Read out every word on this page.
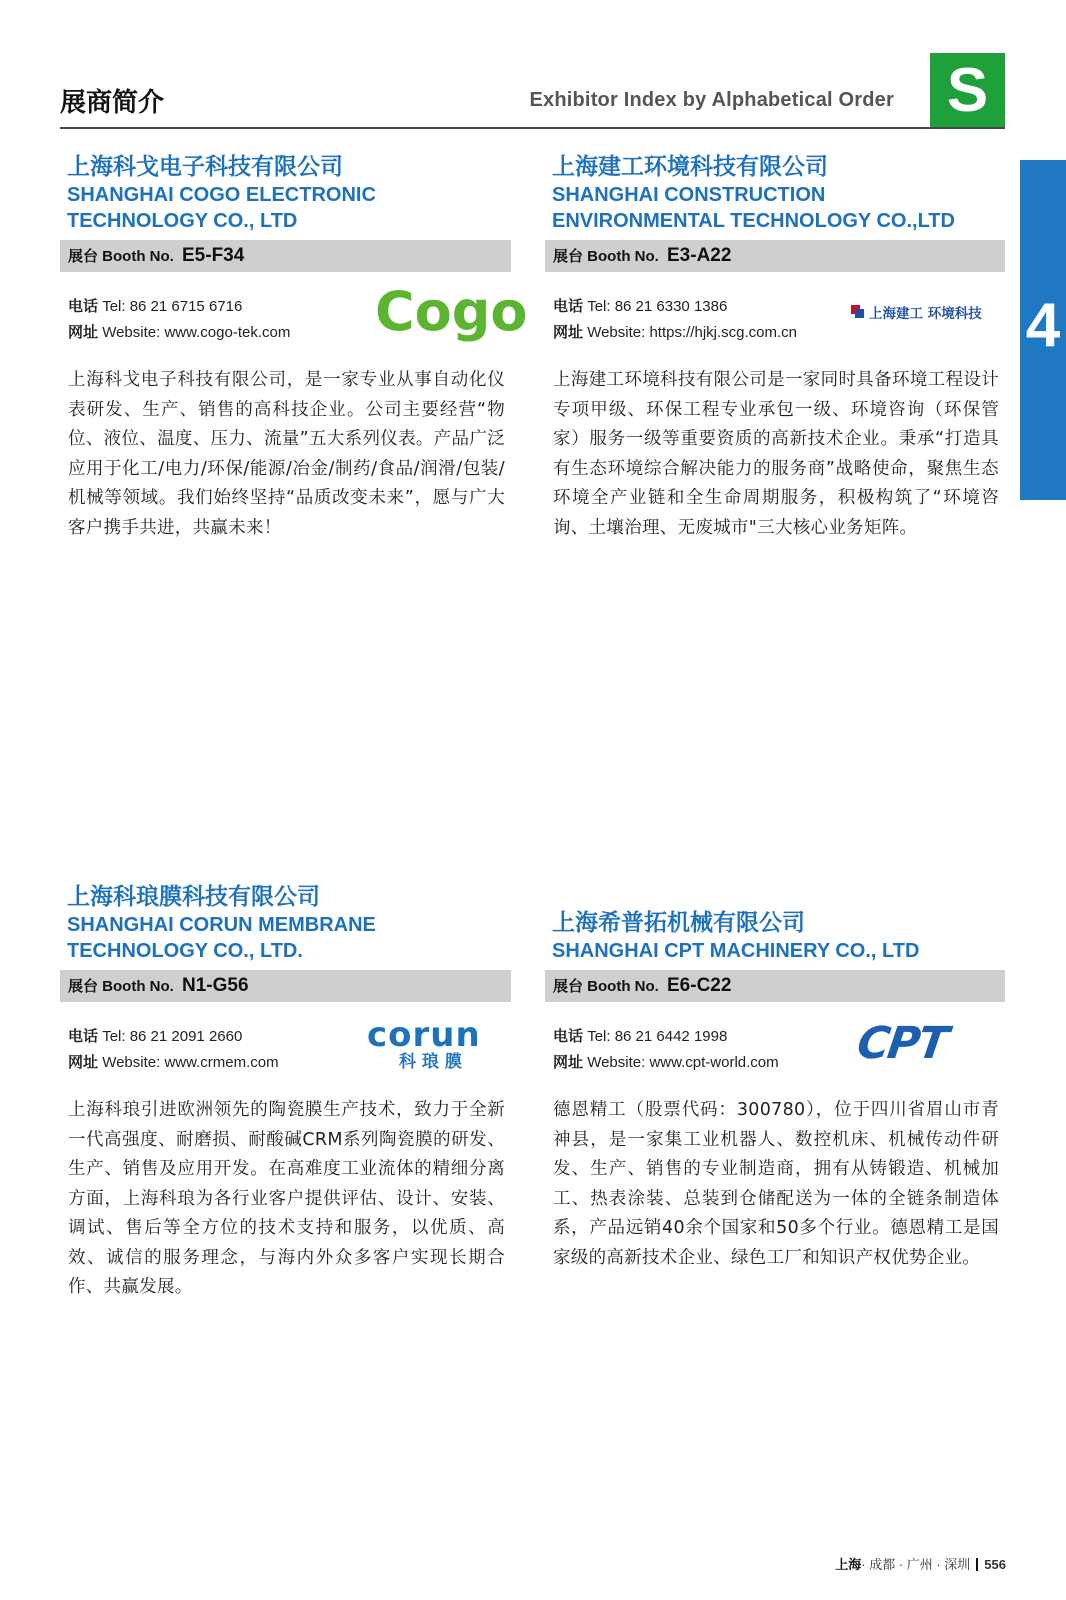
展商简介	Exhibitor Index by Alphabetical Order S
4
上海科戈电子科技有限公司
SHANGHAI COGO ELECTRONIC
TECHNOLOGY CO., LTD
展台 Booth No. E5-F34
电话 Tel: 86 21 6715 6716
网址 Website: www.cogo-tek.com	Cogo
上海科戈电子科技有限公司，是一家专业从事自动化仪表研发、生产、销售的高科技企业。公司主要经营“物位、液位、温度、压力、流量”五大系列仪表。产品广泛应用于化工/电力/环保/能源/冶金/制药/食品/润滑/包装/机械等领域。我们始终坚持“品质改变未来”，愿与广大客户携手共进，共赢未来！
上海建工环境科技有限公司
SHANGHAI CONSTRUCTION
ENVIRONMENTAL TECHNOLOGY CO.,LTD
展台 Booth No. E3-A22
电话 Tel: 86 21 6330 1386
网址 Website: https://hjkj.scg.com.cn
上海建工 环境科技
上海建工环境科技有限公司是一家同时具备环境工程设计专项甲级、环保工程专业承包一级、环境咨询（环保管家）服务一级等重要资质的高新技术企业。秉承“打造具有生态环境综合解决能力的服务商”战略使命，聚焦生态环境全产业链和全生命周期服务，积极构筑了“环境咨询、土壤治理、无废城市"三大核心业务矩阵。
上海科琅膜科技有限公司
SHANGHAI CORUN MEMBRANE
TECHNOLOGY CO., LTD.
展台 Booth No. N1-G56
电话 Tel: 86 21 2091 2660
网址 Website: www.crmem.com
corun
科 琅 膜
上海科琅引进欧洲领先的陶瓷膜生产技术，致力于全新一代高强度、耐磨损、耐酸碱CRM系列陶瓷膜的研发、生产、销售及应用开发。在高难度工业流体的精细分离方面，上海科琅为各行业客户提供评估、设计、安装、调试、售后等全方位的技术支持和服务，以优质、高效、诚信的服务理念，与海内外众多客户实现长期合作、共赢发展。
上海希普拓机械有限公司
SHANGHAI CPT MACHINERY CO., LTD
展台 Booth No. E6-C22
电话 Tel: 86 21 6442 1998
网址 Website: www.cpt-world.com	CPT
德恩精工（股票代码：300780），位于四川省眉山市青神县，是一家集工业机器人、数控机床、机械传动件研发、生产、销售的专业制造商，拥有从铸锻造、机械加工、热表涂装、总装到仓储配送为一体的全链条制造体系，产品远销40余个国家和50多个行业。德恩精工是国家级的高新技术企业、绿色工厂和知识产权优势企业。
上海· 成都 · 广州 · 深圳 556
